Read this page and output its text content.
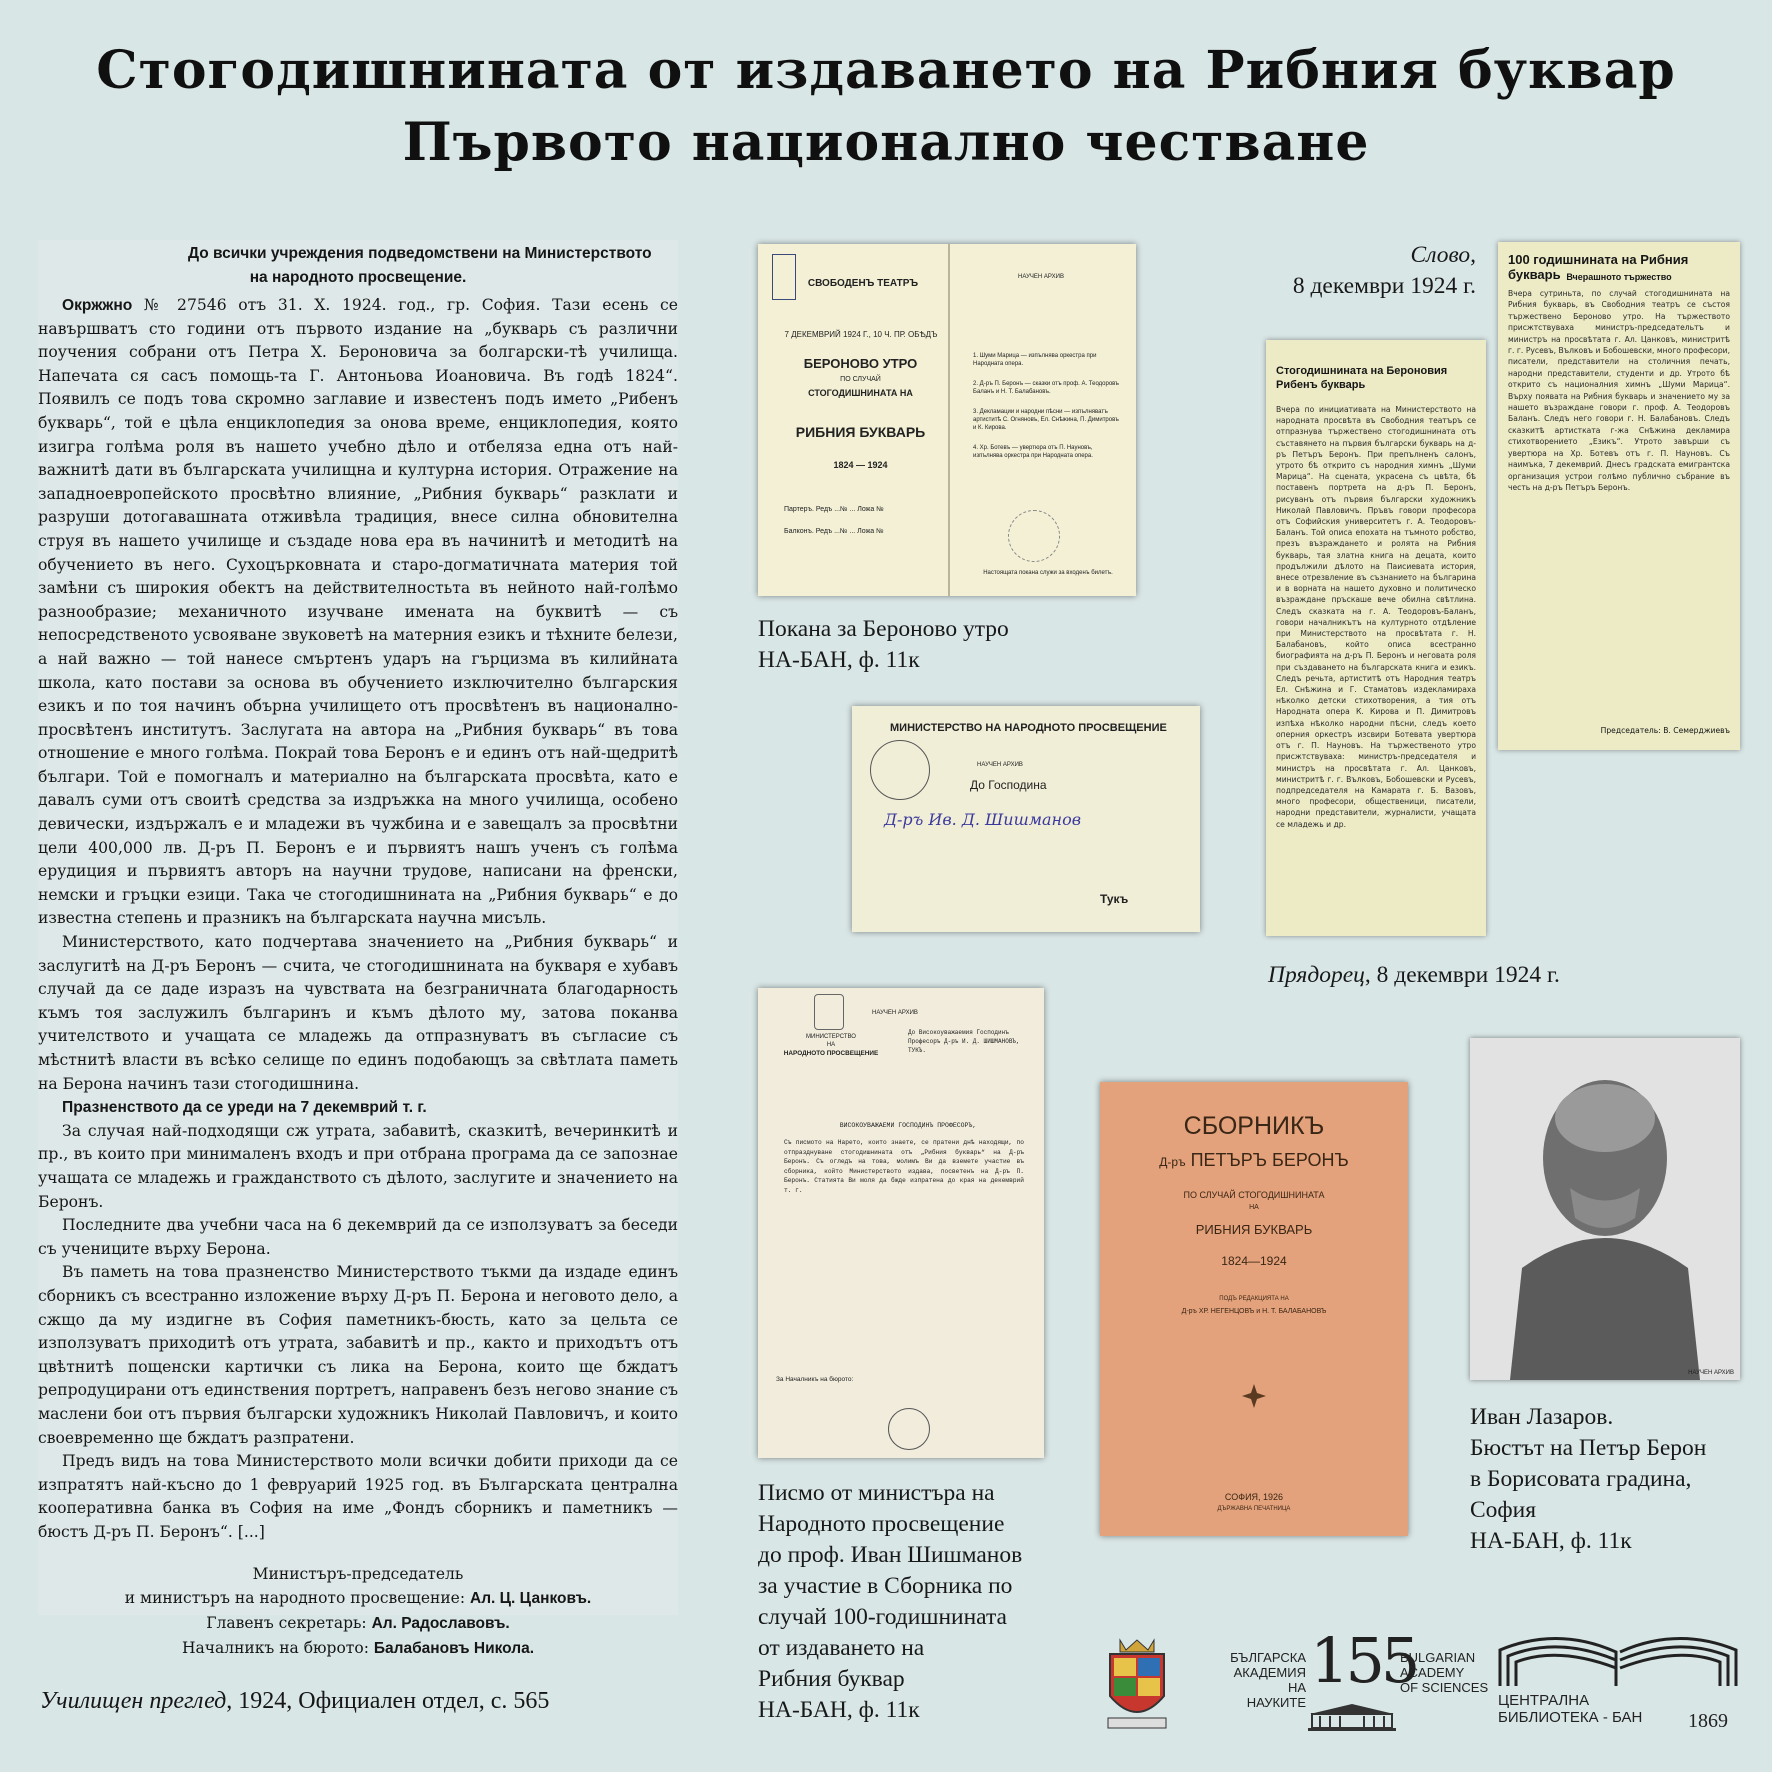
Стогодишнината от издаването на Рибния буквар
Първото национално честване
До всички учреждения подведомствени на Министерството
на народното просвещение.

Окржжно № 27546 отъ 31. X. 1924. год., гр. София. Тази есень се навършватъ сто години отъ първото издание на „букварь съ различни поучения собрани отъ Петра Х. Бероновича за болгарски-тѣ училища. Напечата ся сасъ помощь-та Г. Антоньова Иоановича. Въ годѣ 1824“. Появилъ се подъ това скромно заглавие и известенъ подъ името „Рибенъ букварь“, той е цѣла енциклопедия за онова време, енциклопедия, която изигра голѣма роля въ нашето учебно дѣло и отбеляза една отъ най-важнитѣ дати въ българската училищна и културна история. Отражение на западноевропейското просвѣтно влияние, „Рибния букварь“ разклати и разруши дотогавашната отживѣла традиция, внесе силна обновителна струя въ нашето училище и създаде нова ера въ начинитѣ и методитѣ на обучението въ него. Сухоцърковната и старо-догматичната материя той замѣни съ широкия обектъ на действителностьта въ нейното най-голѣмо разнообразие; механичното изучване имената на буквитѣ — съ непосредственото усвояване звуковетѣ на матерния езикъ и тѣхните белези, а най важно — той нанесе смъртенъ ударъ на гърцизма въ килийната школа, като постави за основа въ обучението изключително българския езикъ и по тоя начинъ обърна училището отъ просвѣтенъ въ национално-просвѣтенъ институтъ. Заслугата на автора на „Рибния букварь“ въ това отношение е много голѣма. Покрай това Беронъ е и единъ отъ най-щедритѣ българи. Той е помогналъ и материално на българската просвѣта, като е давалъ суми отъ своитѣ средства за издръжка на много училища, особено девически, издържалъ е и младежи въ чужбина и е завещалъ за просвѣтни цели 400,000 лв. Д-ръ П. Беронъ е и първиятъ нашъ ученъ съ голѣма ерудиция и първиятъ авторъ на научни трудове, написани на френски, немски и гръцки езици. Така че стогодишнината на „Рибния букварь“ е до известна степень и празникъ на българската научна мисъль.

Министерството, като подчертава значението на „Рибния букварь“ и заслугитѣ на Д-ръ Беронъ — счита, че стогодишнината на букваря е хубавъ случай да се даде изразъ на чувствата на безграничната благодарность къмъ тоя заслужилъ българинъ и къмъ дѣлото му, затова поканва учителството и учащата се младежь да отпразнуватъ въ съгласие съ мѣстнитѣ власти въ всѣко селище по единъ подобающъ за свѣтлата паметь на Берона начинъ тази стогодишнина.

Празненството да се уреди на 7 декемврий т. г.

За случая най-подходящи сж утрата, забавитѣ, сказкитѣ, вечеринкитѣ и пр., въ които при минималенъ входъ и при отбрана програма да се запознае учащата се младежь и гражданството съ дѣлото, заслугите и значението на Беронъ.

Последните два учебни часа на 6 декемврий да се използуватъ за беседи съ учениците върху Берона.

Въ паметь на това празненство Министерството тъкми да издаде единъ сборникъ съ всестранно изложение върху Д-ръ П. Берона и неговото дело, а сжщо да му издигне въ София паметникъ-бюсть, като за цельта се използуватъ приходитѣ отъ утрата, забавитѣ и пр., както и приходътъ отъ цвѣтнитѣ пощенски картички съ лика на Берона, които ще бждатъ репродуцирани отъ единствения портретъ, направенъ безъ негово знание съ маслени бои отъ първия български художникъ Николай Павловичъ, и които своевременно ще бждатъ разпратени.

Предъ видъ на това Министерството моли всички добити приходи да се изпратятъ най-късно до 1 февруарий 1925 год. въ Българската централна кооперативна банка въ София на име „Фондъ сборникъ и паметникъ — бюстъ Д-ръ П. Беронъ“. [...]

Министъръ-председатель
и министъръ на народното просвещение: Ал. Ц. Цанковъ.
Главенъ секретарь: Ал. Радославовъ.
Началникъ на бюрото: Балабановъ Никола.
Училищен преглед, 1924, Официален отдел, с. 565
СВОБОДЕНЪ ТЕАТРЪ
7 ДЕКЕМВРИЙ 1924 Г., 10 Ч. ПР. ОБѢДЪ
БЕРОНОВО УТРО
ПО СЛУЧАЙ
СТОГОДИШНИНАТА НА
РИБНИЯ БУКВАРЬ
1824 — 1924
Партеръ. Редъ ...№ ... Ложа №
Балконъ. Редъ ...№ ... Ложа №
НАУЧЕН АРХИВ
1. Шуми Марица — изпълнява оркестра при Народната опера.
2. Д-ръ П. Беронъ — сказки отъ проф. А. Теодоровъ Баланъ и Н. Т. Балабановъ.
3. Декламации и народни пѣсни — изпълняватъ артиститѣ С. Огняновъ, Ел. Снѣжина, П. Димитровъ и К. Кирова.
4. Хр. Ботевъ — увертюра отъ П. Науновъ, изпълнява оркестра при Народната опера.
Настоящата покана служи за входенъ билетъ.
Покана за Бероново утро
НА-БАН, ф. 11к
МИНИСТЕРСТВО НА НАРОДНОТО ПРОСВЕЩЕНИЕ
НАУЧЕН АРХИВ
До Господина
Д-ръ Ив. Д. Шишманов
Тукъ
Слово,
8 декември 1924 г.
100 годишнината на Рибния букварь Вчерашното тържество
Вчера сутриньта, по случай стогодишнината на Рибния букварь, въ Свободния театръ се състоя тържествено Бероново утро. На тържеството присжтствуваха министръ-председательтъ и министръ на просвѣтата г. Ал. Цанковъ, министритѣ г. г. Русевъ, Вълковъ и Бобошевски, много професори, писатели, представители на столичния печать, народни представители, студенти и др. Утрото бѣ открито съ националния химнъ „Шуми Марица“. Върху появата на Рибния букварь и значението му за нашето възраждане говори г. проф. А. Теодоровъ Баланъ. Следъ него говори г. Н. Балабановъ. Следъ сказкитѣ артистката г-жа Снѣжина декламира стихотворението „Езикъ“. Утрото завърши съ увертюра на Хр. Ботевъ отъ г. П. Науновъ. Съ наимъка, 7 декемврий. Днесъ градската емигрантска организация устрои голѣмо публично събрание въ честь на д-ръ Петъръ Беронъ.
Председатель: В. Семерджиевъ
Стогодишнината на Бероновия Рибенъ букварь
Вчера по инициативата на Министерството на народната просвѣта въ Свободния театъръ се отпразнува тържествено стогодишнината отъ съставянето на първия български букварь на д-ръ Петъръ Беронъ. При препълненъ салонъ, утрото бѣ открито съ народния химнъ „Шуми Марица“. На сцената, украсена съ цвѣта, бѣ поставенъ портрета на д-ръ П. Беронъ, рисуванъ отъ първия български художникъ Николай Павловичъ. Пръвъ говори професора отъ Софийския университетъ г. А. Теодоровъ-Баланъ. Той описа епохата на тъмното робство, презъ възраждането и ролята на Рибния букварь, тая златна книга на децата, които продължили дѣлото на Паисиевата история, внесе отрезвление въ съзнанието на българина и в ворната на нашето духовно и политическо възраждане пръскаше вече обилна свѣтлина. Следъ сказката на г. А. Теодоровъ-Баланъ, говори началникътъ на културното отдѣление при Министерството на просвѣтата г. Н. Балабановъ, който описа всестранно биографията на д-ръ П. Беронъ и неговата роля при създаването на българската книга и езикъ. Следъ речьта, артиститѣ отъ Народния театръ Ел. Снѣжина и Г. Стаматовъ издекламираха нѣколко детски стихотворения, а тия отъ Народната опера К. Кирова и П. Димитровъ изпѣха нѣколко народни пѣсни, следъ което оперния оркестръ изсвири Ботевата увертюра отъ г. П. Науновъ. На тържественото утро присжтствуваха: министръ-председателя и министръ на просвѣтата г. Ал. Цанковъ, министритѣ г. г. Вълковъ, Бобошевски и Русевъ, подпредседателя на Камарата г. Б. Вазовъ, много професори, общественици, писатели, народни представители, журналисти, учащата се младежь и др.
Прядорец, 8 декември 1924 г.
МИНИСТЕРСТВО
НА
НАРОДНОТО ПРОСВЕЩЕНИЕ
НАУЧЕН АРХИВ
До Високоуважаемия Господинъ Професоръ Д-ръ И. Д. ШИШМАНОВЪ, ТУКЪ.
​
ВИСОКОУВАЖАЕМИ ГОСПОДИНЪ ПРОФЕСОРЪ,
Съ писмото на Нарето, които знаете, се пратени днѣ находящи, по отпразднуване стогодишнината отъ „Рибния букварь“ на Д-ръ Беронъ. Съ огледъ на това, молимъ Ви да вземете участие въ сборника, който Министерството издава, посветенъ на Д-ръ П. Беронъ. Статията Ви моля да бжде изпратена до края на декемврий т. г.
За Началникъ на бюрото:
Писмо от министъра на
Народното просвещение
до проф. Иван Шишманов
за участие в Сборника по
случай 100-годишнината
от издаването на
Рибния буквар
НА-БАН, ф. 11к
СБОРНИКЪ
Д-ръ ПЕТЪРЪ БЕРОНЪ
ПО СЛУЧАЙ СТОГОДИШНИНАТА
НА
РИБНИЯ БУКВАРЬ
1824—1924
ПОДЪ РЕДАКЦИЯТА НА
Д-ръ ХР. НЕГЕНЦОВЪ и Н. Т. БАЛАБАНОВЪ
СОФИЯ, 1926
ДЪРЖАВНА ПЕЧАТНИЦА
НАУЧЕН АРХИВ
Иван Лазаров.
Бюстът на Петър Берон
в Борисовата градина,
София
НА-БАН, ф. 11к
БЪЛГАРСКА
АКАДЕМИЯ
НА НАУКИТЕ
155
BULGARIAN
ACADEMY
OF SCIENCES
ЦЕНТРАЛНА
БИБЛИОТЕКА - БАН 1869
